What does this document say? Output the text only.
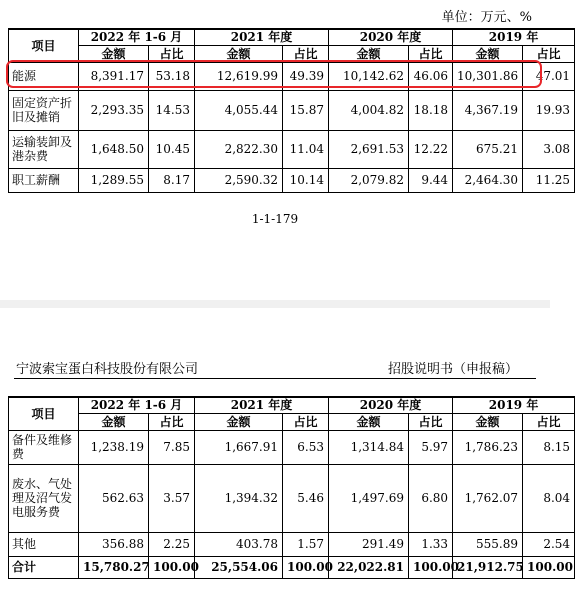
单位：万元、%
项目	2022 年 1-6 月		2021 年度		2020 年度		2019 年	
	金额	占比	金额	占比	金额	占比	金额	占比
能源	8,391.17	53.18	12,619.99	49.39	10,142.62	46.06	10,301.86	47.01
固定资产折旧及摊销	2,293.35	14.53	4,055.44	15.87	4,004.82	18.18	4,367.19	19.93
运输装卸及港杂费	1,648.50	10.45	2,822.30	11.04	2,691.53	12.22	675.21	3.08
职工薪酬	1,289.55	8.17	2,590.32	10.14	2,079.82	9.44	2,464.30	11.25
1-1-179
宁波索宝蛋白科技股份有限公司	招股说明书（申报稿）
项目	2022 年 1-6 月		2021 年度		2020 年度		2019 年	
	金额	占比	金额	占比	金额	占比	金额	占比
备件及维修费	1,238.19	7.85	1,667.91	6.53	1,314.84	5.97	1,786.23	8.15
废水、气处理及沼气发电服务费	562.63	3.57	1,394.32	5.46	1,497.69	6.80	1,762.07	8.04
其他	356.88	2.25	403.78	1.57	291.49	1.33	555.89	2.54
合计	15,780.27	100.00	25,554.06	100.00	22,022.81	100.00	21,912.75	100.00
